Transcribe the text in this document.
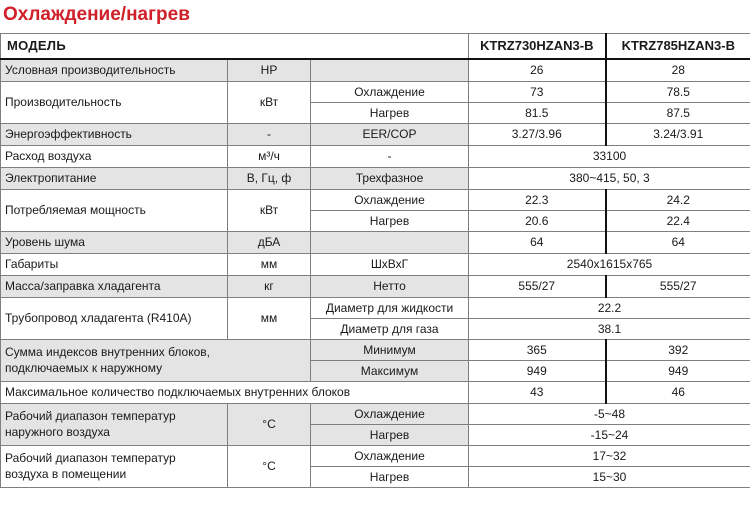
Охлаждение/нагрев
МОДЕЛЬ			KTRZ730HZAN3-B	KTRZ785HZAN3-B
Условная производительность	HP		26	28
Производительность	кВт	Охлаждение	73	78.5
		Нагрев	81.5	87.5
Энергоэффективность	-	EER/COP	3.27/3.96	3.24/3.91
Расход воздуха	м³/ч	-	33100	
Электропитание	В, Гц, ф	Трехфазное	380~415, 50, 3	
Потребляемая мощность	кВт	Охлаждение	22.3	24.2
		Нагрев	20.6	22.4
Уровень шума	дБА		64	64
Габариты	мм	ШхВхГ	2540x1615x765	
Масса/заправка хладагента	кг	Нетто	555/27	555/27
Трубопровод хладагента (R410A)	мм	Диаметр для жидкости	22.2	
		Диаметр для газа	38.1	

Сумма индексов внутренних блоков,
подключаемых к наружному		Минимум	365	392
		Максимум	949	949
Максимальное количество подключаемых внутренних блоков			43	46

Рабочий диапазон температур
наружного воздуха	°C	Охлаждение	-5~48	
		Нагрев	-15~24	

Рабочий диапазон температур
воздуха в помещении	°C	Охлаждение	17~32	
		Нагрев	15~30	
